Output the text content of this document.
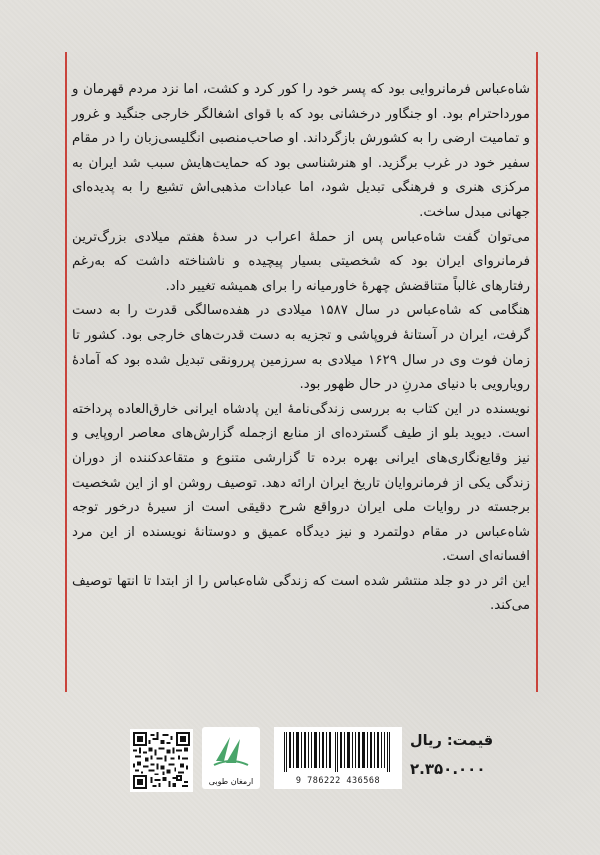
شاه‌عباس فرمانروایی بود که پسر خود را کور کرد و کشت، اما نزد مردم قهرمان و مورداحترام بود. او جنگاور درخشانی بود که با قوای اشغالگر خارجی جنگید و غرور و تمامیت ارضی را به کشورش بازگرداند. او صاحب‌منصبی انگلیسی‌زبان را در مقام سفیر خود در غرب برگزید. او هنرشناسی بود که حمایت‌هایش سبب شد ایران به مرکزی هنری و فرهنگی تبدیل شود، اما عبادات مذهبی‌اش تشیع را به پدیده‌ای جهانی مبدل ساخت.

می‌توان گفت شاه‌عباس پس از حملهٔ اعراب در سدهٔ هفتم میلادی بزرگ‌ترین فرمانروای ایران بود که شخصیتی بسیار پیچیده و ناشناخته داشت که به‌رغم رفتارهای غالباً متناقضش چهرهٔ خاورمیانه را برای همیشه تغییر داد.

هنگامی که شاه‌عباس در سال ۱۵۸۷ میلادی در هفده‌سالگی قدرت را به دست گرفت، ایران در آستانهٔ فروپاشی و تجزیه به دست قدرت‌های خارجی بود. کشور تا زمان فوت وی در سال ۱۶۲۹ میلادی به سرزمین پررونقی تبدیل شده بود که آمادهٔ رویارویی با دنیای مدرنِ در حال ظهور بود.

نویسنده در این کتاب به بررسی زندگی‌نامهٔ این پادشاه ایرانی خارق‌العاده پرداخته است. دیوید بلو از طیف گسترده‌ای از منابع ازجمله گزارش‌های معاصر اروپایی و نیز وقایع‌نگاری‌های ایرانی بهره برده تا گزارشی متنوع و متقاعدکننده از دوران زندگی یکی از فرمانروایان تاریخ ایران ارائه دهد. توصیف روشن او از این شخصیت برجسته در روایات ملی ایران درواقع شرح دقیقی است از سیرهٔ درخور توجه شاه‌عباس در مقام دولتمرد و نیز دیدگاه عمیق و دوستانهٔ نویسنده از این مرد افسانه‌ای است.

این اثر در دو جلد منتشر شده است که زندگی شاه‌عباس را از ابتدا تا انتها توصیف می‌کند.

ارمغان طوبی	9 786222 436568
قیمت: ریال
۲.۳۵۰.۰۰۰
